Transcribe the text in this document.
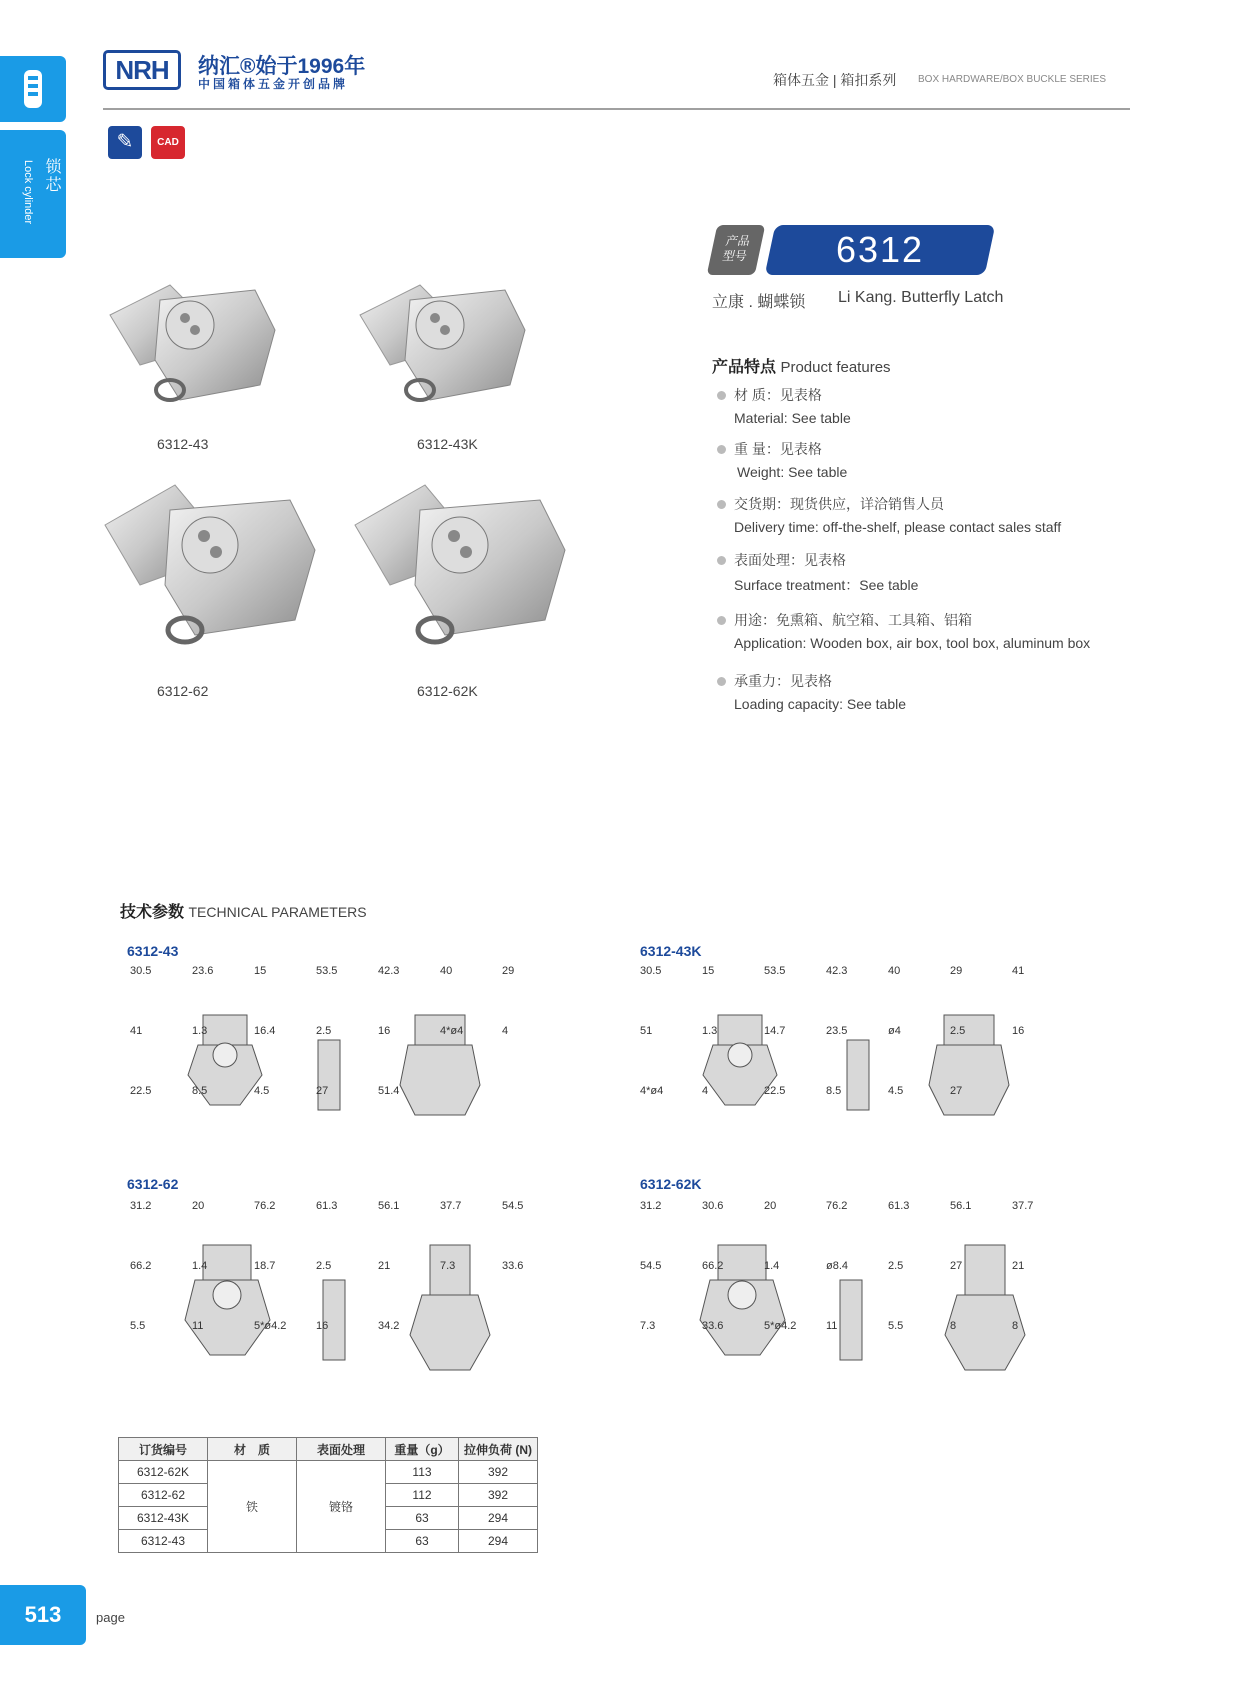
锁芯
Lock cylinder
NRH	纳汇®始于1996年
中国箱体五金开创品牌	箱体五金 | 箱扣系列 BOX HARDWARE/BOX BUCKLE SERIES
✎	CAD
产品型号	6312
立康 . 蝴蝶锁 Li Kang. Butterfly Latch
产品特点 Product features
材 质：见表格
Material: See table
重 量：见表格
Weight: See table
交货期：现货供应，详洽销售人员
Delivery time: off-the-shelf, please contact sales staff
表面处理：见表格
Surface treatment：See table
用途：免熏箱、航空箱、工具箱、铝箱
Application: Wooden box, air box, tool box, aluminum box
承重力：见表格
Loading capacity: See table
6312-43	6312-43K
6312-62	6312-62K
技术参数 TECHNICAL PARAMETERS
6312-43	6312-43K
6312-62	6312-62K
30.5	23.6	15	53.5	42.3	40	29
41	1.3	16.4	2.5	16	4*ø4	4
22.5	8.5	4.5	27	51.4
30.5	15	53.5	42.3	40	29	41
51	1.3	14.7	23.5	ø4	2.5	16
4*ø4	4	22.5	8.5	4.5	27
31.2	20	76.2	61.3	56.1	37.7	54.5
66.2	1.4	18.7	2.5	21	7.3	33.6
5.5	11	5*ø4.2	16	34.2
31.2	30.6	20	76.2	61.3	56.1	37.7
54.5	66.2	1.4	ø8.4	2.5	27	21
7.3	33.6	5*ø4.2	11	5.5	8	8
订货编号	材　质	表面处理	重量（g）	拉伸负荷 (N)
6312-62K	铁	镀铬	113	392
6312-62			112	392
6312-43K			63	294
6312-43			63	294
513	page
